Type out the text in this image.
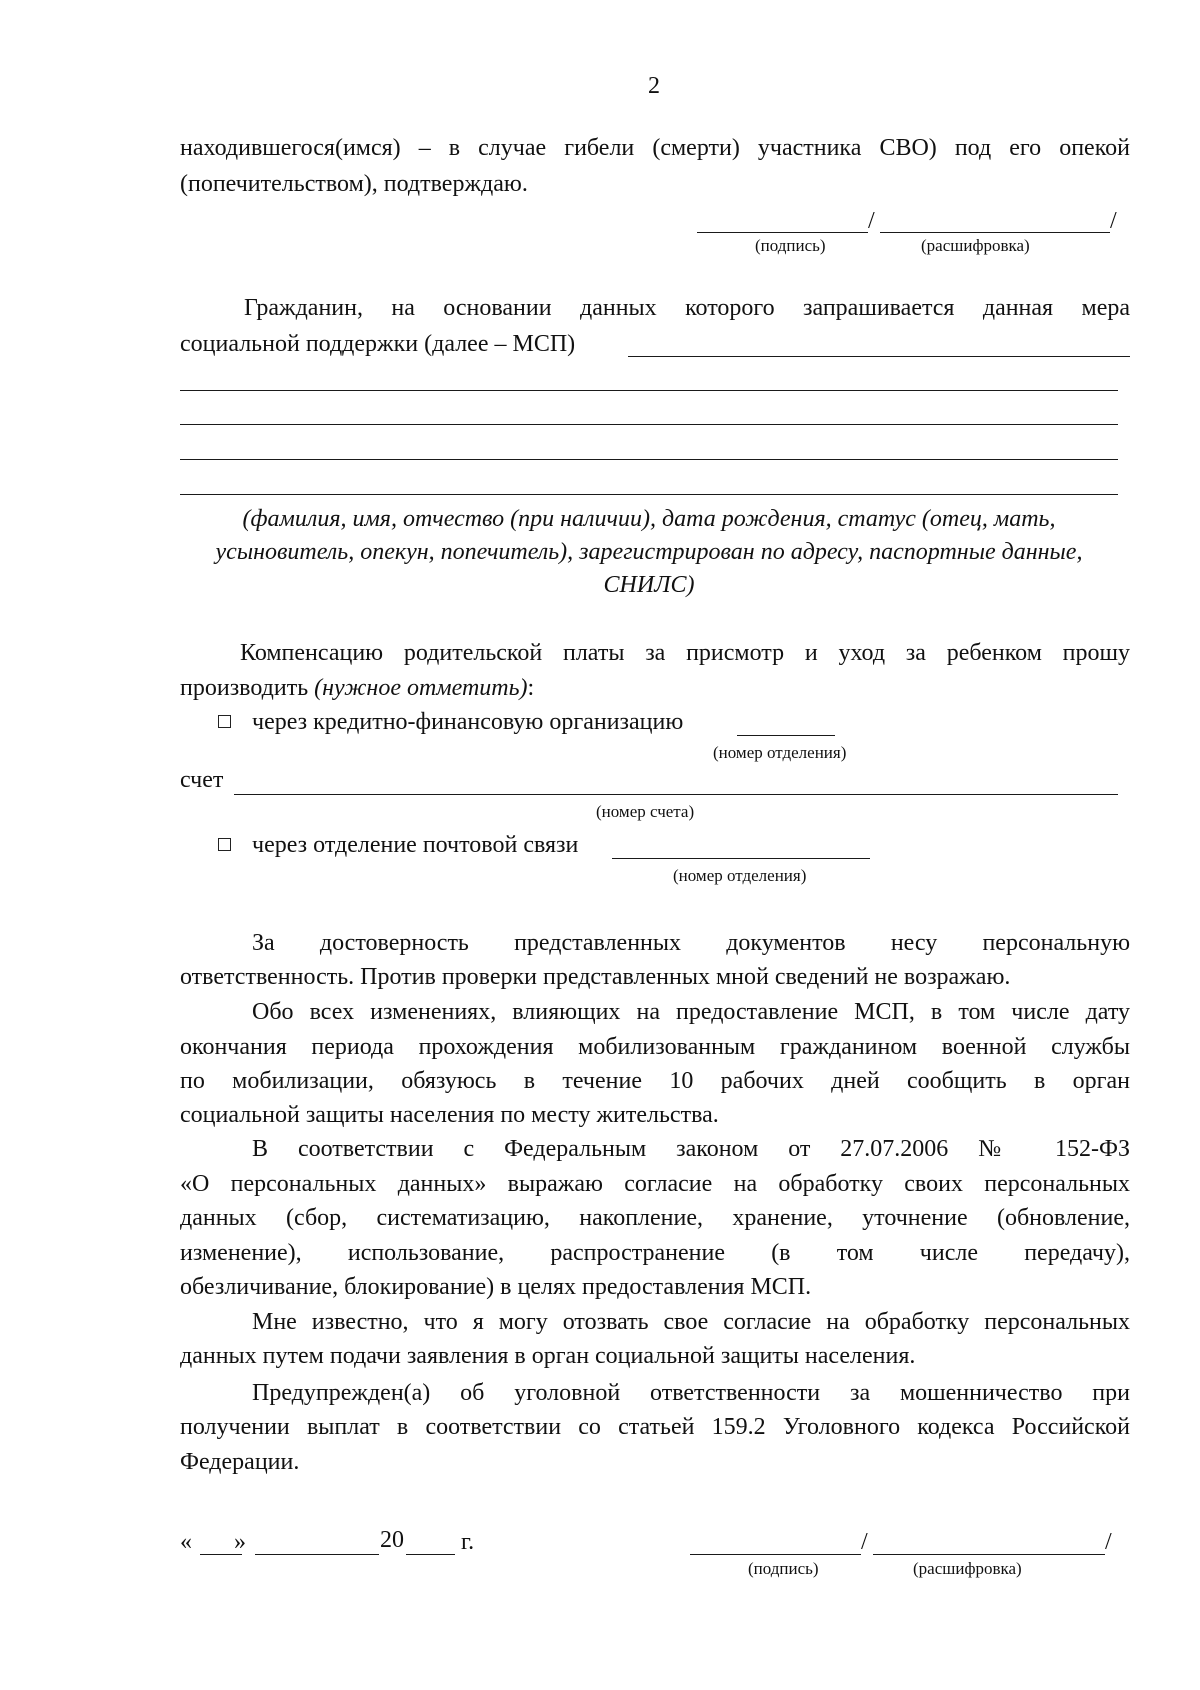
2
находившегося(имся) – в случае гибели (смерти) участника СВО) под его опекой
(попечительством), подтверждаю.
/	/
(подпись)	(расшифровка)
Гражданин, на основании данных которого запрашивается данная мера
социальной поддержки (далее – МСП)
(фамилия, имя, отчество (при наличии), дата рождения, статус (отец, мать,
усыновитель, опекун, попечитель), зарегистрирован по адресу, паспортные данные,
СНИЛС)
Компенсацию родительской платы за присмотр и уход за ребенком прошу
производить (нужное отметить):
через кредитно-финансовую организацию
(номер отделения)
счет
(номер счета)
через отделение почтовой связи
(номер отделения)
За достоверность представленных документов несу персональную
ответственность. Против проверки представленных мной сведений не возражаю.
Обо всех изменениях, влияющих на предоставление МСП, в том числе дату
окончания периода прохождения мобилизованным гражданином военной службы
по мобилизации, обязуюсь в течение 10 рабочих дней сообщить в орган
социальной защиты населения по месту жительства.
В соответствии с Федеральным законом от 27.07.2006 № 152-ФЗ
«О персональных данных» выражаю согласие на обработку своих персональных
данных (сбор, систематизацию, накопление, хранение, уточнение (обновление,
изменение), использование, распространение (в том числе передачу),
обезличивание, блокирование) в целях предоставления МСП.
Мне известно, что я могу отозвать свое согласие на обработку персональных
данных путем подачи заявления в орган социальной защиты населения.
Предупрежден(а) об уголовной ответственности за мошенничество при
получении выплат в соответствии со статьей 159.2 Уголовного кодекса Российской
Федерации.
« »	20 г.	/	/
(подпись)	(расшифровка)
